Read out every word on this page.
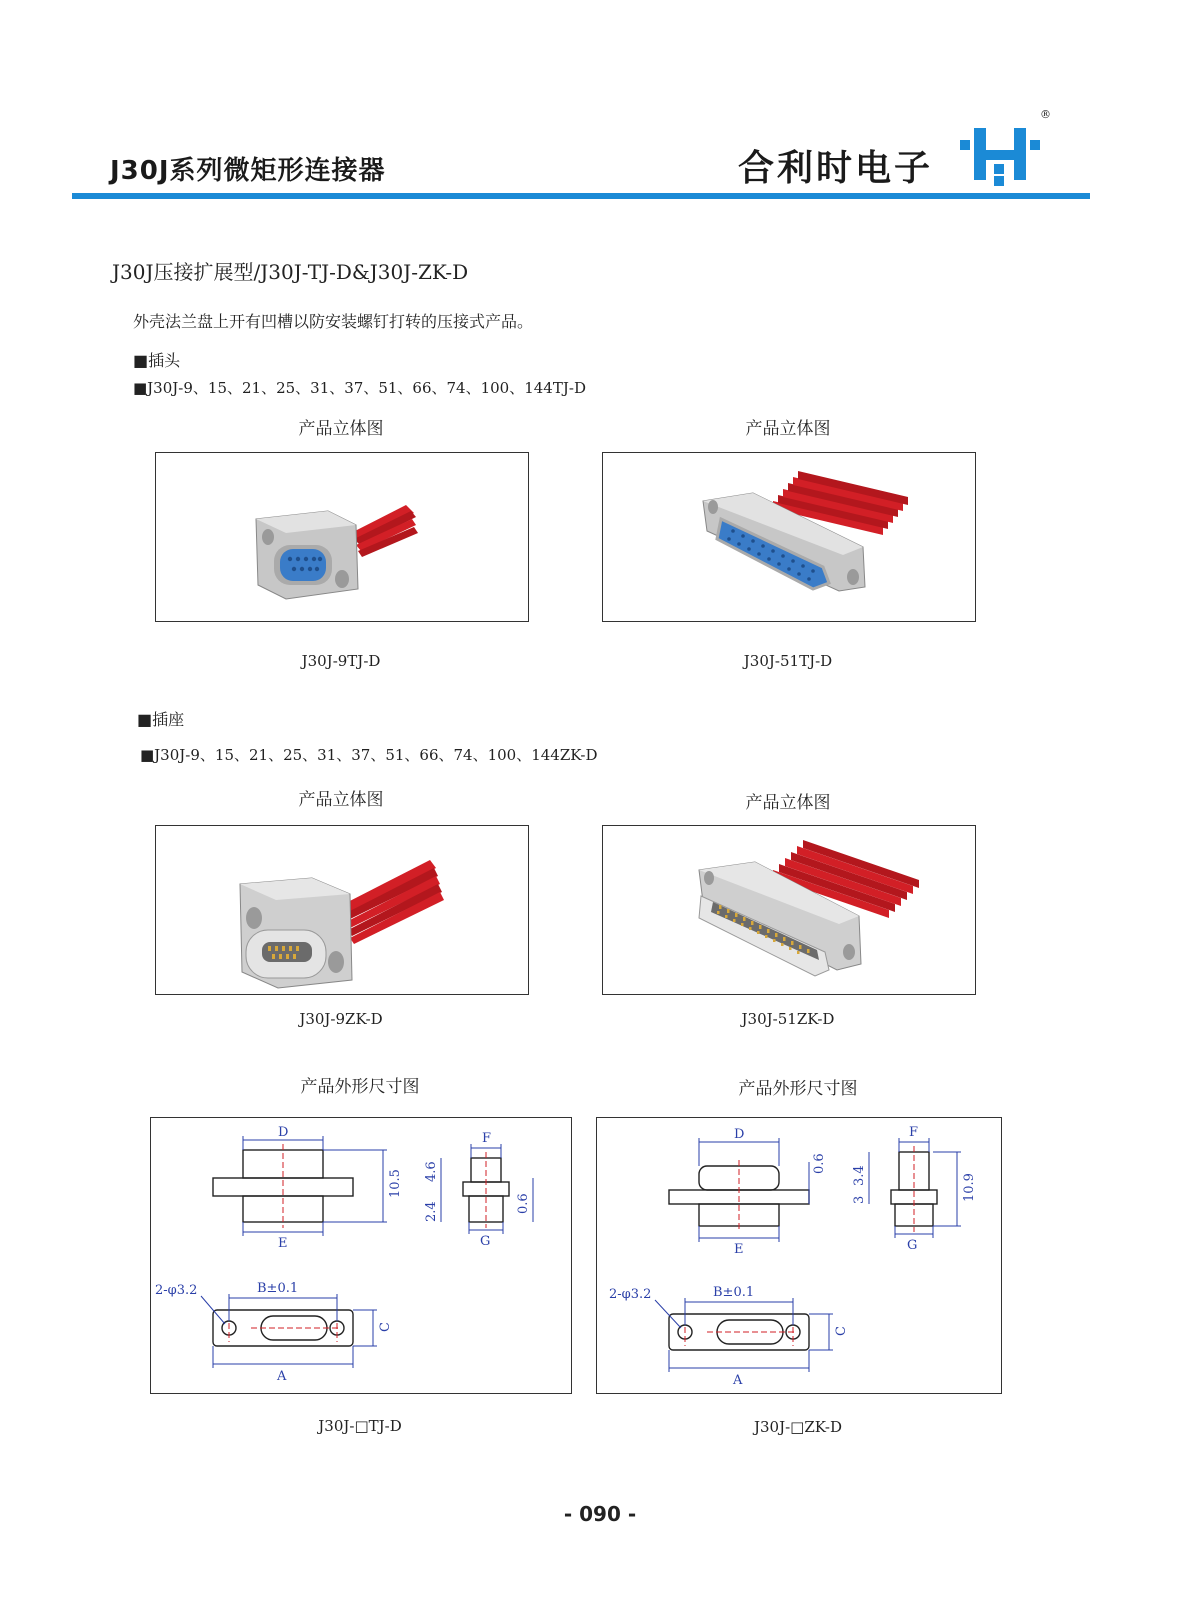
J30J系列微矩形连接器	合利时电子
®
J30J压接扩展型/J30J-TJ-D&J30J-ZK-D
外壳法兰盘上开有凹槽以防安装螺钉打转的压接式产品。
■插头
■J30J-9、15、21、25、31、37、51、66、74、100、144TJ-D
产品立体图	产品立体图
J30J-9TJ-D	J30J-51TJ-D
■插座
■J30J-9、15、21、25、31、37、51、66、74、100、144ZK-D
产品立体图	产品立体图
J30J-9ZK-D	J30J-51ZK-D
产品外形尺寸图	产品外形尺寸图
D
E
F
G
10.5 4.6
2.4	0.6
B±0.1
C
A
2-φ3.2
D
E
F
G
10.9
3.4
3
0.6
B±0.1
C
A
2-φ3.2
J30J-□TJ-D	J30J-□ZK-D
- 090 -
